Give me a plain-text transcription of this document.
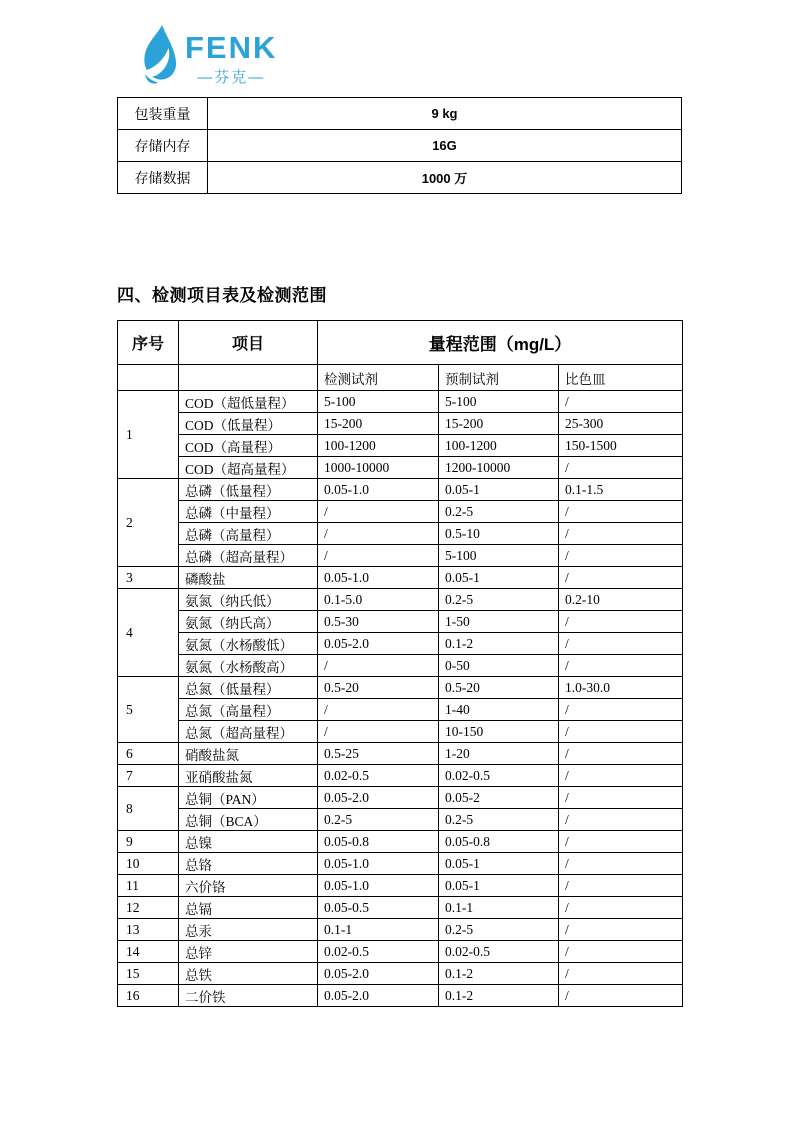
FENK
—芬克—
包装重量	9 kg
存储内存	16G
存储数据	1000 万
四、检测项目表及检测范围
序号	项目	量程范围（mg/L）		
		检测试剂	预制试剂	比色皿
1	COD（超低量程）	5-100	5-100	/
	COD（低量程）	15-200	15-200	25-300
	COD（高量程）	100-1200	100-1200	150-1500
	COD（超高量程）	1000-10000	1200-10000	/
2	总磷（低量程）	0.05-1.0	0.05-1	0.1-1.5
	总磷（中量程）	/	0.2-5	/
	总磷（高量程）	/	0.5-10	/
	总磷（超高量程）	/	5-100	/
3	磷酸盐	0.05-1.0	0.05-1	/
4	氨氮（纳氏低）	0.1-5.0	0.2-5	0.2-10
	氨氮（纳氏高）	0.5-30	1-50	/
	氨氮（水杨酸低）	0.05-2.0	0.1-2	/
	氨氮（水杨酸高）	/	0-50	/
5	总氮（低量程）	0.5-20	0.5-20	1.0-30.0
	总氮（高量程）	/	1-40	/
	总氮（超高量程）	/	10-150	/
6	硝酸盐氮	0.5-25	1-20	/
7	亚硝酸盐氮	0.02-0.5	0.02-0.5	/
8	总铜（PAN）	0.05-2.0	0.05-2	/
	总铜（BCA）	0.2-5	0.2-5	/
9	总镍	0.05-0.8	0.05-0.8	/
10	总铬	0.05-1.0	0.05-1	/
11	六价铬	0.05-1.0	0.05-1	/
12	总镉	0.05-0.5	0.1-1	/
13	总汞	0.1-1	0.2-5	/
14	总锌	0.02-0.5	0.02-0.5	/
15	总铁	0.05-2.0	0.1-2	/
16	二价铁	0.05-2.0	0.1-2	/
